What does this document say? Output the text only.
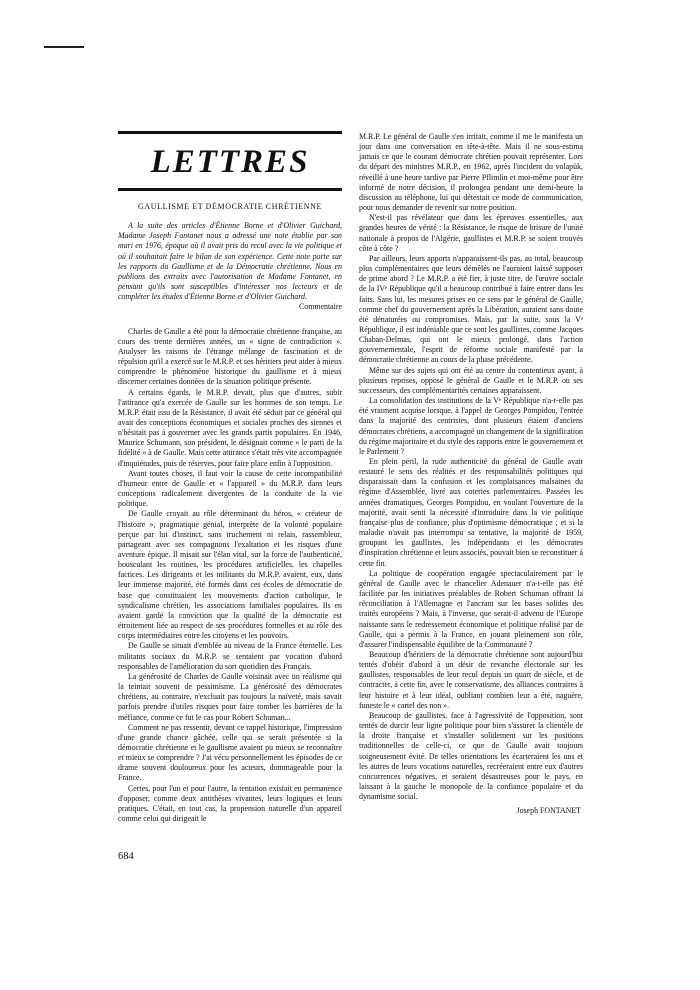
LETTRES
GAULLISME ET DÉMOCRATIE CHRÉTIENNE

A la suite des articles d'Étienne Borne et d'Olivier Guichard, Madame Joseph Fontanet nous a adressé une note établie par son mari en 1976, époque où il avait pris du recul avec la vie politique et où il souhaitait faire le bilan de son expérience. Cette note porte sur les rapports du Gaullisme et de la Démocratie chrétienne. Nous en publions des extraits avec l'autorisation de Madame Fontanet, en pensant qu'ils sont susceptibles d'intéresser nos lecteurs et de compléter les études d'Étienne Borne et d'Olivier Guichard.

Commentaire

Charles de Gaulle a été pour la démocratie chrétienne française, au cours des trente dernières années, un « signe de contradiction ». Analyser les raisons de l'étrange mélange de fascination et de répulsion qu'il a exercé sur le M.R.P. et ses héritiers peut aider à mieux comprendre le phénomène historique du gaullisme et à mieux discerner certaines données de la situation politique présente.

A certains égards, le M.R.P. devait, plus que d'autres, subir l'attirance qu'a exercée de Gaulle sur les hommes de son temps. Le M.R.P. était issu de la Résistance, il avait été séduit par ce général qui avait des conceptions économiques et sociales proches des siennes et n'hésitait pas à gouverner avec les grands partis populaires. En 1946, Maurice Schumann, son président, le désignait comme « le parti de la fidélité » à de Gaulle. Mais cette attirance s'était très vite accompagnée d'inquiétudes, puis de réserves, pour faire place enfin à l'opposition.

Avant toutes choses, il faut voir la cause de cette incompatibilité d'humeur entre de Gaulle et « l'appareil » du M.R.P. dans leurs conceptions radicalement divergentes de la conduite de la vie politique.

De Gaulle croyait au rôle déterminant du héros, « créateur de l'histoire », pragmatique génial, interprète de la volonté populaire perçue par lui d'instinct, sans truchement ni relais, rassembleur, partageant avec ses compagnons l'exaltation et les risques d'une aventure épique. Il misait sur l'élan vital, sur la force de l'authenticité, bousculant les routines, les procédures artificielles, les chapelles factices. Les dirigeants et les militants du M.R.P. avaient, eux, dans leur immense majorité, été formés dans ces écoles de démocratie de base que constituaient les mouvements d'action catholique, le syndicalisme chrétien, les associations familiales populaires. Ils en avaient gardé la conviction que la qualité de la démocratie est étroitement liée au respect de ses procédures formelles et au rôle des corps intermédiaires entre les citoyens et les pouvoirs.

De Gaulle se situait d'emblée au niveau de la France éternelle. Les militants sociaux du M.R.P. se sentaient par vocation d'abord responsables de l'amélioration du sort quotidien des Français.

La générosité de Charles de Gaulle voisinait avec un réalisme qui la teintait souvent de pessimisme. La générosité des démocrates chrétiens, au contraire, n'excluait pas toujours la naïveté, mais savait parfois prendre d'utiles risques pour faire tomber les barrières de la méfiance, comme ce fut le cas pour Robert Schuman...

Comment ne pas ressentir, devant ce rappel historique, l'impression d'une grande chance gâchée, celle qui se serait présentée si la démocratie chrétienne et le gaullisme avaient pu mieux se reconnaître et mieux se comprendre ? J'ai vécu personnellement les épisodes de ce drame souvent douloureux pour les acteurs, dommageable pour la France.

Certes, pour l'un et pour l'autre, la tentation existait en permanence d'opposer, comme deux antithèses vivantes, leurs logiques et leurs pratiques. C'était, en tout cas, la propension naturelle d'un appareil comme celui qui dirigeait le

M.R.P. Le général de Gaulle s'en irritait, comme il me le manifesta un jour dans une conversation en tête-à-tête. Mais il ne sous-estima jamais ce que le courant démocrate chrétien pouvait représenter. Lors du départ des ministres M.R.P., en 1962, après l'incident du volapük, réveillé à une heure tardive par Pierre Pflimlin et moi-même pour être informé de notre décision, il prolongea pendant une demi-heure la discussion au téléphone, lui qui détestait ce mode de communication, pour nous demander de revenir sur notre position.

N'est-il pas révélateur que dans les épreuves essentielles, aux grandes heures de vérité : la Résistance, le risque de brisure de l'unité nationale à propos de l'Algérie, gaullistes et M.R.P. se soient trouvés côte à côte ?

Par ailleurs, leurs apports n'apparaissent-ils pas, au total, beaucoup plus complémentaires que leurs démêlés ne l'auraient laissé supposer de prime abord ? Le M.R.P. a été fier, à juste titre, de l'œuvre sociale de la IVᵉ République qu'il a beaucoup contribué à faire entrer dans les faits. Sans lui, les mesures prises en ce sens par le général de Gaulle, comme chef du gouvernement après la Libération, auraient sans doute été dénaturées ou compromises. Mais, par la suite, sous la Vᵉ République, il est indéniable que ce sont les gaullistes, comme Jacques Chaban-Delmas, qui ont le mieux prolongé, dans l'action gouvernementale, l'esprit de réforme sociale manifesté par la démocratie chrétienne au cours de la phase précédente.

Même sur des sujets qui ont été au centre du contentieux ayant, à plusieurs reprises, opposé le général de Gaulle et le M.R.P. ou ses successeurs, des complémentarités certaines apparaissent.

La consolidation des institutions de la Vᵉ République n'a-t-elle pas été vraiment acquise lorsque, à l'appel de Georges Pompidou, l'entrée dans la majorité des centristes, dont plusieurs étaient d'anciens démocrates chrétiens, a accompagné un changement de la signification du régime majoritaire et du style des rapports entre le gouvernement et le Parlement ?

En plein péril, la rude authenticité du général de Gaulle avait restauré le sens des réalités et des responsabilités politiques qui disparaissait dans la confusion et les complaisances malsaines du régime d'Assemblée, livré aux coteries parlementaires. Passées les années dramatiques, Georges Pompidou, en voulant l'ouverture de la majorité, avait senti la nécessité d'introduire dans la vie politique française plus de confiance, plus d'optimisme démocratique ; et si la maladie n'avait pas interrompu sa tentative, la majorité de 1959, groupant les gaullistes, les indépendants et les démocrates d'inspiration chrétienne et leurs associés, pouvait bien se reconstituer à cette fin.

La politique de coopération engagée spectaculairement par le général de Gaulle avec le chancelier Adenauer n'a-t-elle pas été facilitée par les initiatives préalables de Robert Schuman offrant la réconciliation à l'Allemagne et l'ancrant sur les bases solides des traités européens ? Mais, à l'inverse, que serait-il advenu de l'Europe naissante sans le redressement économique et politique réalisé par de Gaulle, qui a permis à la France, en jouant pleinement son rôle, d'assurer l'indispensable équilibre de la Communauté ?

Beaucoup d'héritiers de la démocratie chrétienne sont aujourd'hui tentés d'obéir d'abord à un désir de revanche électorale sur les gaullistes, responsables de leur recul depuis un quart de siècle, et de contracter, à cette fin, avec le conservatisme, des alliances contraires à leur histoire et à leur idéal, oubliant combien leur a été, naguère, funeste le « cartel des non ».

Beaucoup de gaullistes, face à l'agressivité de l'opposition, sont tentés de durcir leur ligne politique pour bien s'assurer la clientèle de la droite française et s'installer solidement sur les positions traditionnelles de celle-ci, ce que de Gaulle avait toujours soigneusement évité. De telles orientations les écarteraient les uns et les autres de leurs vocations naturelles, recréeraient entre eux d'autres concurrences négatives, et seraient désastreuses pour le pays, en laissant à la gauche le monopole de la confiance populaire et du dynamisme social.

Joseph FONTANET
684
